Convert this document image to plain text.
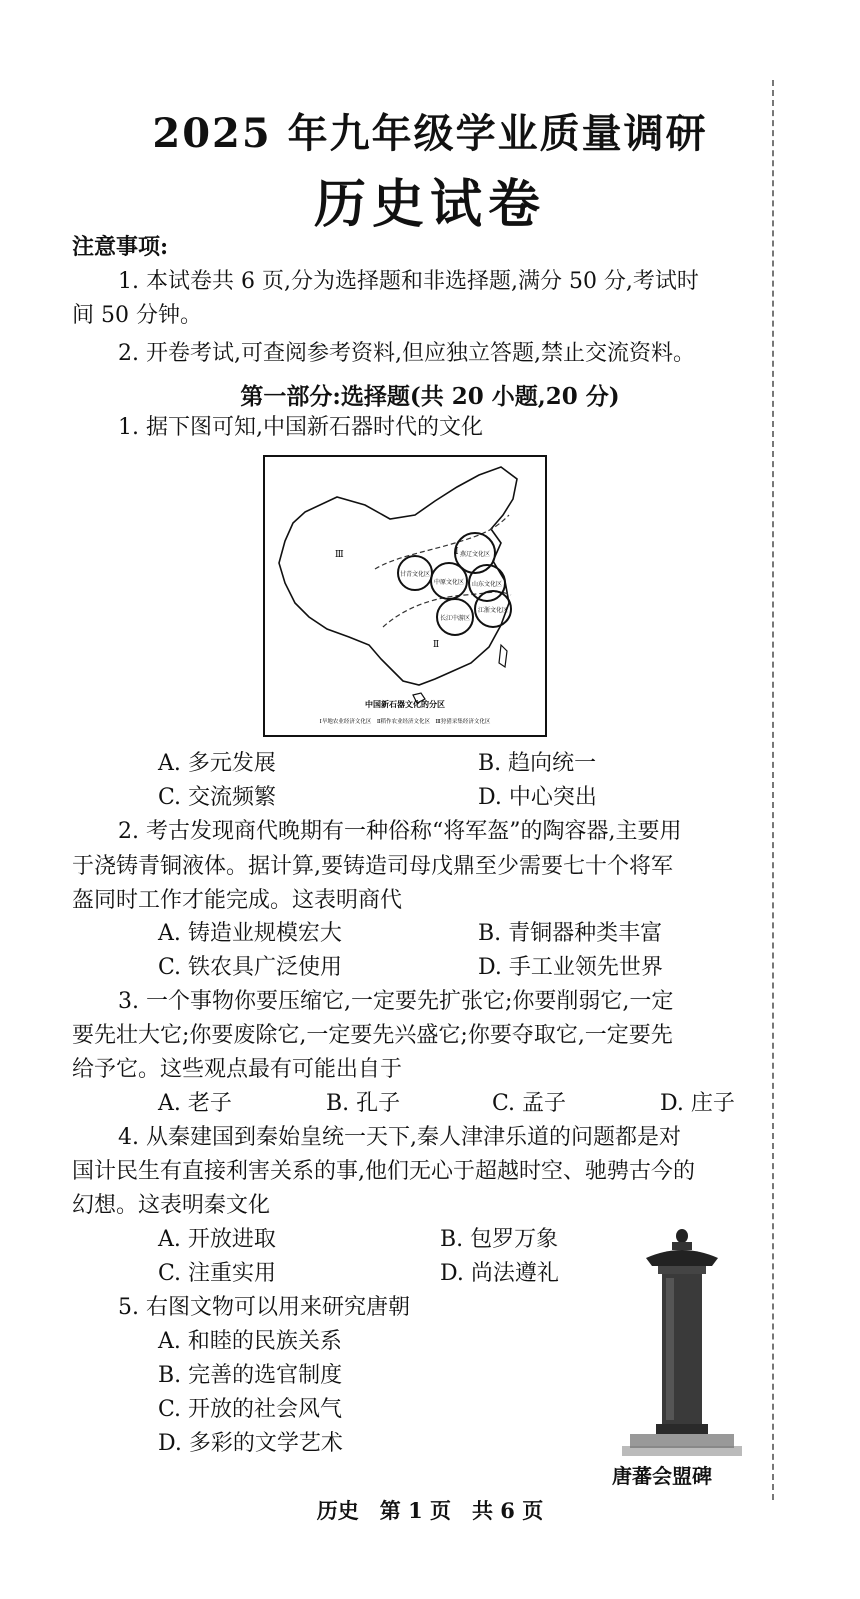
2025 年九年级学业质量调研
历史试卷
注意事项:
1. 本试卷共 6 页,分为选择题和非选择题,满分 50 分,考试时
间 50 分钟。
2. 开卷考试,可查阅参考资料,但应独立答题,禁止交流资料。
第一部分:选择题(共 20 小题,20 分)
1. 据下图可知,中国新石器时代的文化
Ⅲ	Ⅰ
Ⅱ
燕辽文化区
甘青文化区
中原文化区 山东文化区
长江中游区
江浙文化区
中国新石器文化的分区
Ⅰ旱地农业经济文化区　Ⅱ稻作农业经济文化区　Ⅲ狩猎采集经济文化区
A. 多元发展	B. 趋向统一
C. 交流频繁	D. 中心突出
2. 考古发现商代晚期有一种俗称“将军盔”的陶容器,主要用
于浇铸青铜液体。据计算,要铸造司母戊鼎至少需要七十个将军
盔同时工作才能完成。这表明商代
A. 铸造业规模宏大	B. 青铜器种类丰富
C. 铁农具广泛使用	D. 手工业领先世界
3. 一个事物你要压缩它,一定要先扩张它;你要削弱它,一定
要先壮大它;你要废除它,一定要先兴盛它;你要夺取它,一定要先
给予它。这些观点最有可能出自于
A. 老子	B. 孔子	C. 孟子	D. 庄子
4. 从秦建国到秦始皇统一天下,秦人津津乐道的问题都是对
国计民生有直接利害关系的事,他们无心于超越时空、驰骋古今的
幻想。这表明秦文化
A. 开放进取	B. 包罗万象
C. 注重实用	D. 尚法遵礼
5. 右图文物可以用来研究唐朝
A. 和睦的民族关系
B. 完善的选官制度
C. 开放的社会风气
D. 多彩的文学艺术
唐蕃会盟碑
历史　第 1 页　共 6 页
